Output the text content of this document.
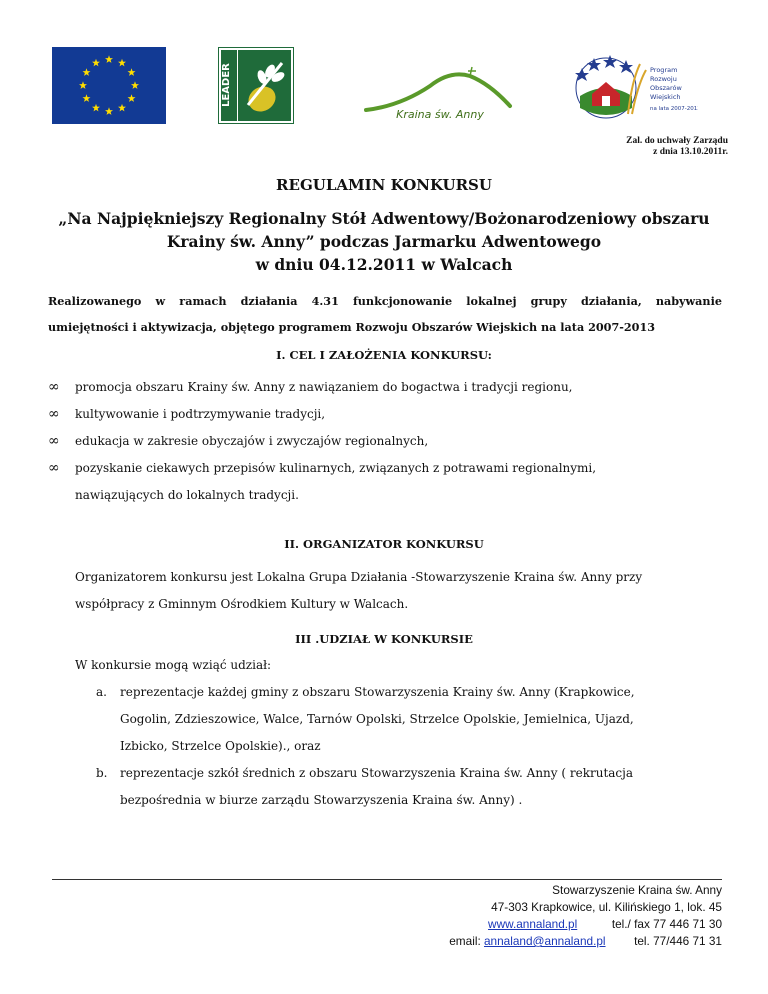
LEADER
Kraina św. Anny
Program Rozwoju Obszarów Wiejskich
na lata 2007-2013
Zal. do uchwały Zarządu
z dnia 13.10.2011r.
REGULAMIN KONKURSU
„Na Najpiękniejszy Regionalny Stół Adwentowy/Bożonarodzeniowy obszaru
Krainy św. Anny” podczas Jarmarku Adwentowego
w dniu 04.12.2011 w Walcach
Realizowanego w ramach działania 4.31 funkcjonowanie lokalnej grupy działania, nabywanie
umiejętności i aktywizacja, objętego programem Rozwoju Obszarów Wiejskich na lata 2007-2013
I. CEL I ZAŁOŻENIA KONKURSU:
∞ promocja obszaru Krainy św. Anny z nawiązaniem do bogactwa i tradycji regionu,
∞ kultywowanie i podtrzymywanie tradycji,
∞ edukacja w zakresie obyczajów i zwyczajów regionalnych,
∞ pozyskanie ciekawych przepisów kulinarnych, związanych z potrawami regionalnymi,
nawiązujących do lokalnych tradycji.
II. ORGANIZATOR KONKURSU
Organizatorem konkursu jest Lokalna Grupa Działania -Stowarzyszenie Kraina św. Anny przy
współpracy z Gminnym Ośrodkiem Kultury w Walcach.
III .UDZIAŁ W KONKURSIE
W konkursie mogą wziąć udział:
a. reprezentacje każdej gminy z obszaru Stowarzyszenia Krainy św. Anny (Krapkowice,
Gogolin, Zdzieszowice, Walce, Tarnów Opolski, Strzelce Opolskie, Jemielnica, Ujazd,
Izbicko, Strzelce Opolskie)., oraz
b. reprezentacje szkół średnich z obszaru Stowarzyszenia Kraina św. Anny ( rekrutacja
bezpośrednia w biurze zarządu Stowarzyszenia Kraina św. Anny) .
Stowarzyszenie Kraina św. Anny
47-303 Krapkowice, ul. Kilińskiego 1, lok. 45
www.annaland.pl	tel./ fax 77 446 71 30
email: annaland@annaland.pl tel. 77/446 71 31
